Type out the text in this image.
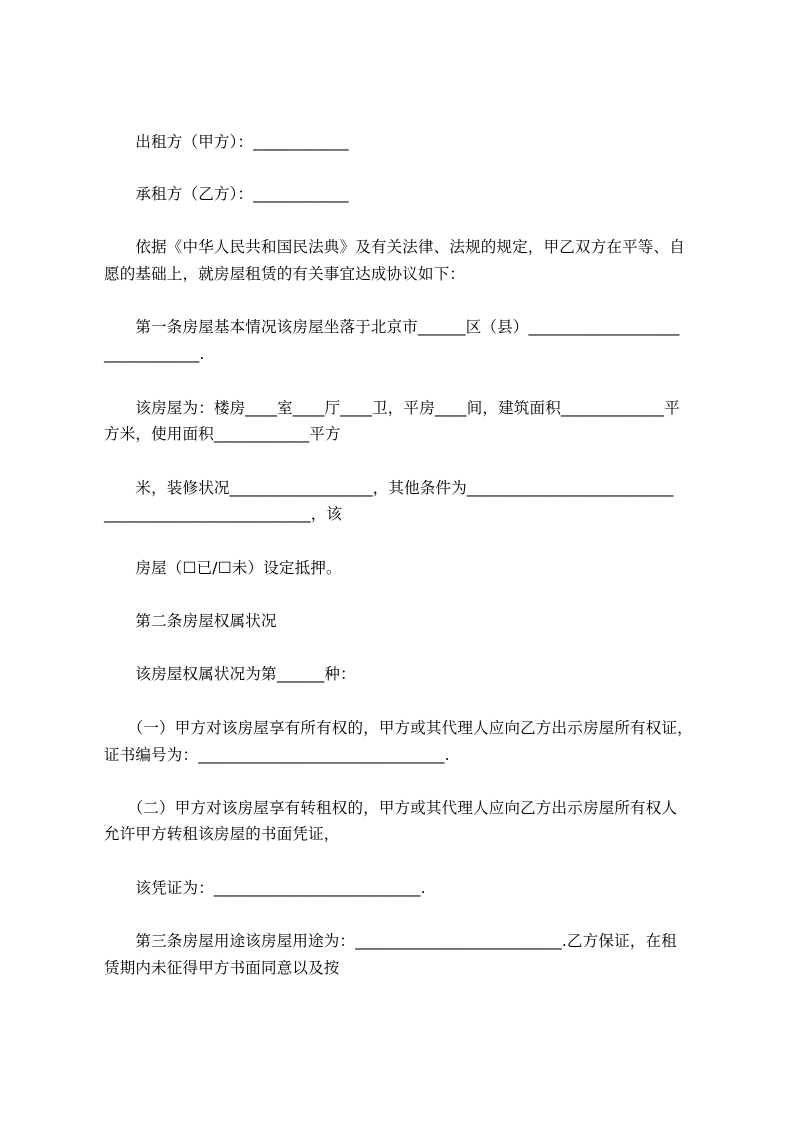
　　出租方（甲方）：____________
　　承租方（乙方）：____________
　　依据《中华人民共和国民法典》及有关法律、法规的规定，甲乙双方在平等、自
愿的基础上，就房屋租赁的有关事宜达成协议如下：
　　第一条房屋基本情况该房屋坐落于北京市______区（县）___________________
____________.
　　该房屋为：楼房____室____厅____卫，平房____间，建筑面积_____________平
方米，使用面积____________平方
　　米，装修状况__________________，其他条件为__________________________
__________________________，该
　　房屋（☐已/☐未）设定抵押。
　　第二条房屋权属状况
　　该房屋权属状况为第______种：
　　（一）甲方对该房屋享有所有权的，甲方或其代理人应向乙方出示房屋所有权证，
证书编号为：_______________________________.
　　（二）甲方对该房屋享有转租权的，甲方或其代理人应向乙方出示房屋所有权人
允许甲方转租该房屋的书面凭证，
　　该凭证为：__________________________.
　　第三条房屋用途该房屋用途为：__________________________.乙方保证，在租
赁期内未征得甲方书面同意以及按
